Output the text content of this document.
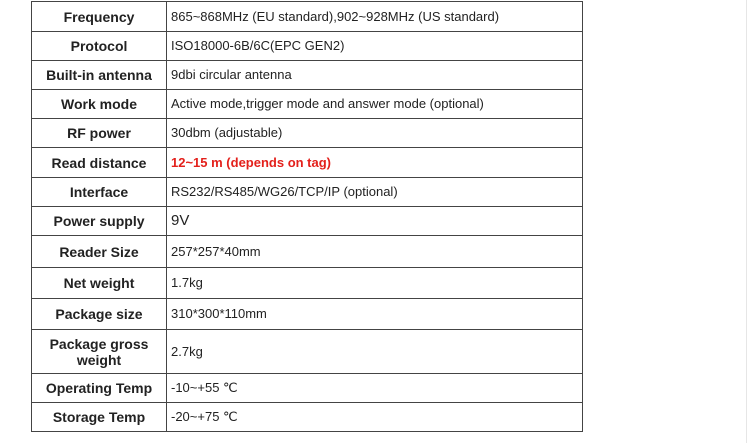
Frequency	865~868MHz (EU standard),902~928MHz (US standard)
Protocol	ISO18000-6B/6C(EPC GEN2)
Built-in antenna	9dbi circular antenna
Work mode	Active mode,trigger mode and answer mode (optional)
RF power	30dbm (adjustable)
Read distance	12~15 m (depends on tag)
Interface	RS232/RS485/WG26/TCP/IP (optional)
Power supply	9V
Reader Size	257*257*40mm
Net weight	1.7kg
Package size	310*300*110mm
Package gross weight	2.7kg
Operating Temp	-10~+55 ℃
Storage Temp	-20~+75 ℃
